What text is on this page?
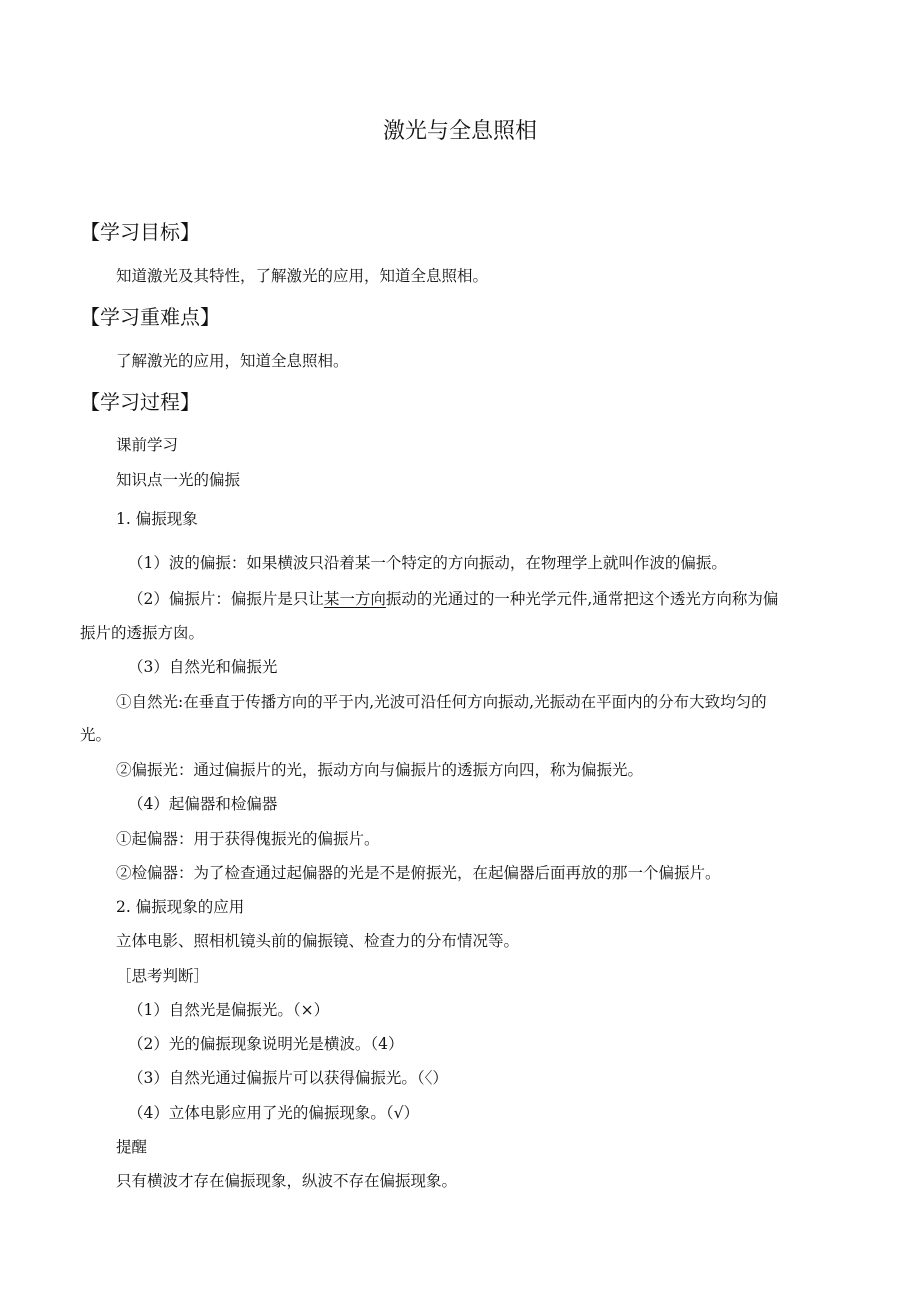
激光与全息照相
【学习目标】
知道激光及其特性，了解激光的应用，知道全息照相。
【学习重难点】
了解激光的应用，知道全息照相。
【学习过程】
课前学习
知识点一光的偏振
1. 偏振现象
（1）波的偏振：如果横波只沿着某一个特定的方向振动，在物理学上就叫作波的偏振。
（2）偏振片：偏振片是只让某一方向振动的光通过的一种光学元件,通常把这个透光方向称为偏
振片的透振方囱。
（3）自然光和偏振光
①自然光:在垂直于传播方向的平于内,光波可沿任何方向振动,光振动在平面内的分布大致均匀的
光。
②偏振光：通过偏振片的光，振动方向与偏振片的透振方向四，称为偏振光。
（4）起偏器和检偏器
①起偏器：用于获得傀振光的偏振片。
②检偏器：为了检查通过起偏器的光是不是俯振光，在起偏器后面再放的那一个偏振片。
2. 偏振现象的应用
立体电影、照相机镜头前的偏振镜、检查力的分布情况等。
［思考判断］
（1）自然光是偏振光。（×）
（2）光的偏振现象说明光是横波。（4）
（3）自然光通过偏振片可以获得偏振光。（〈）
（4）立体电影应用了光的偏振现象。（√）
提醒
只有横波才存在偏振现象，纵波不存在偏振现象。
